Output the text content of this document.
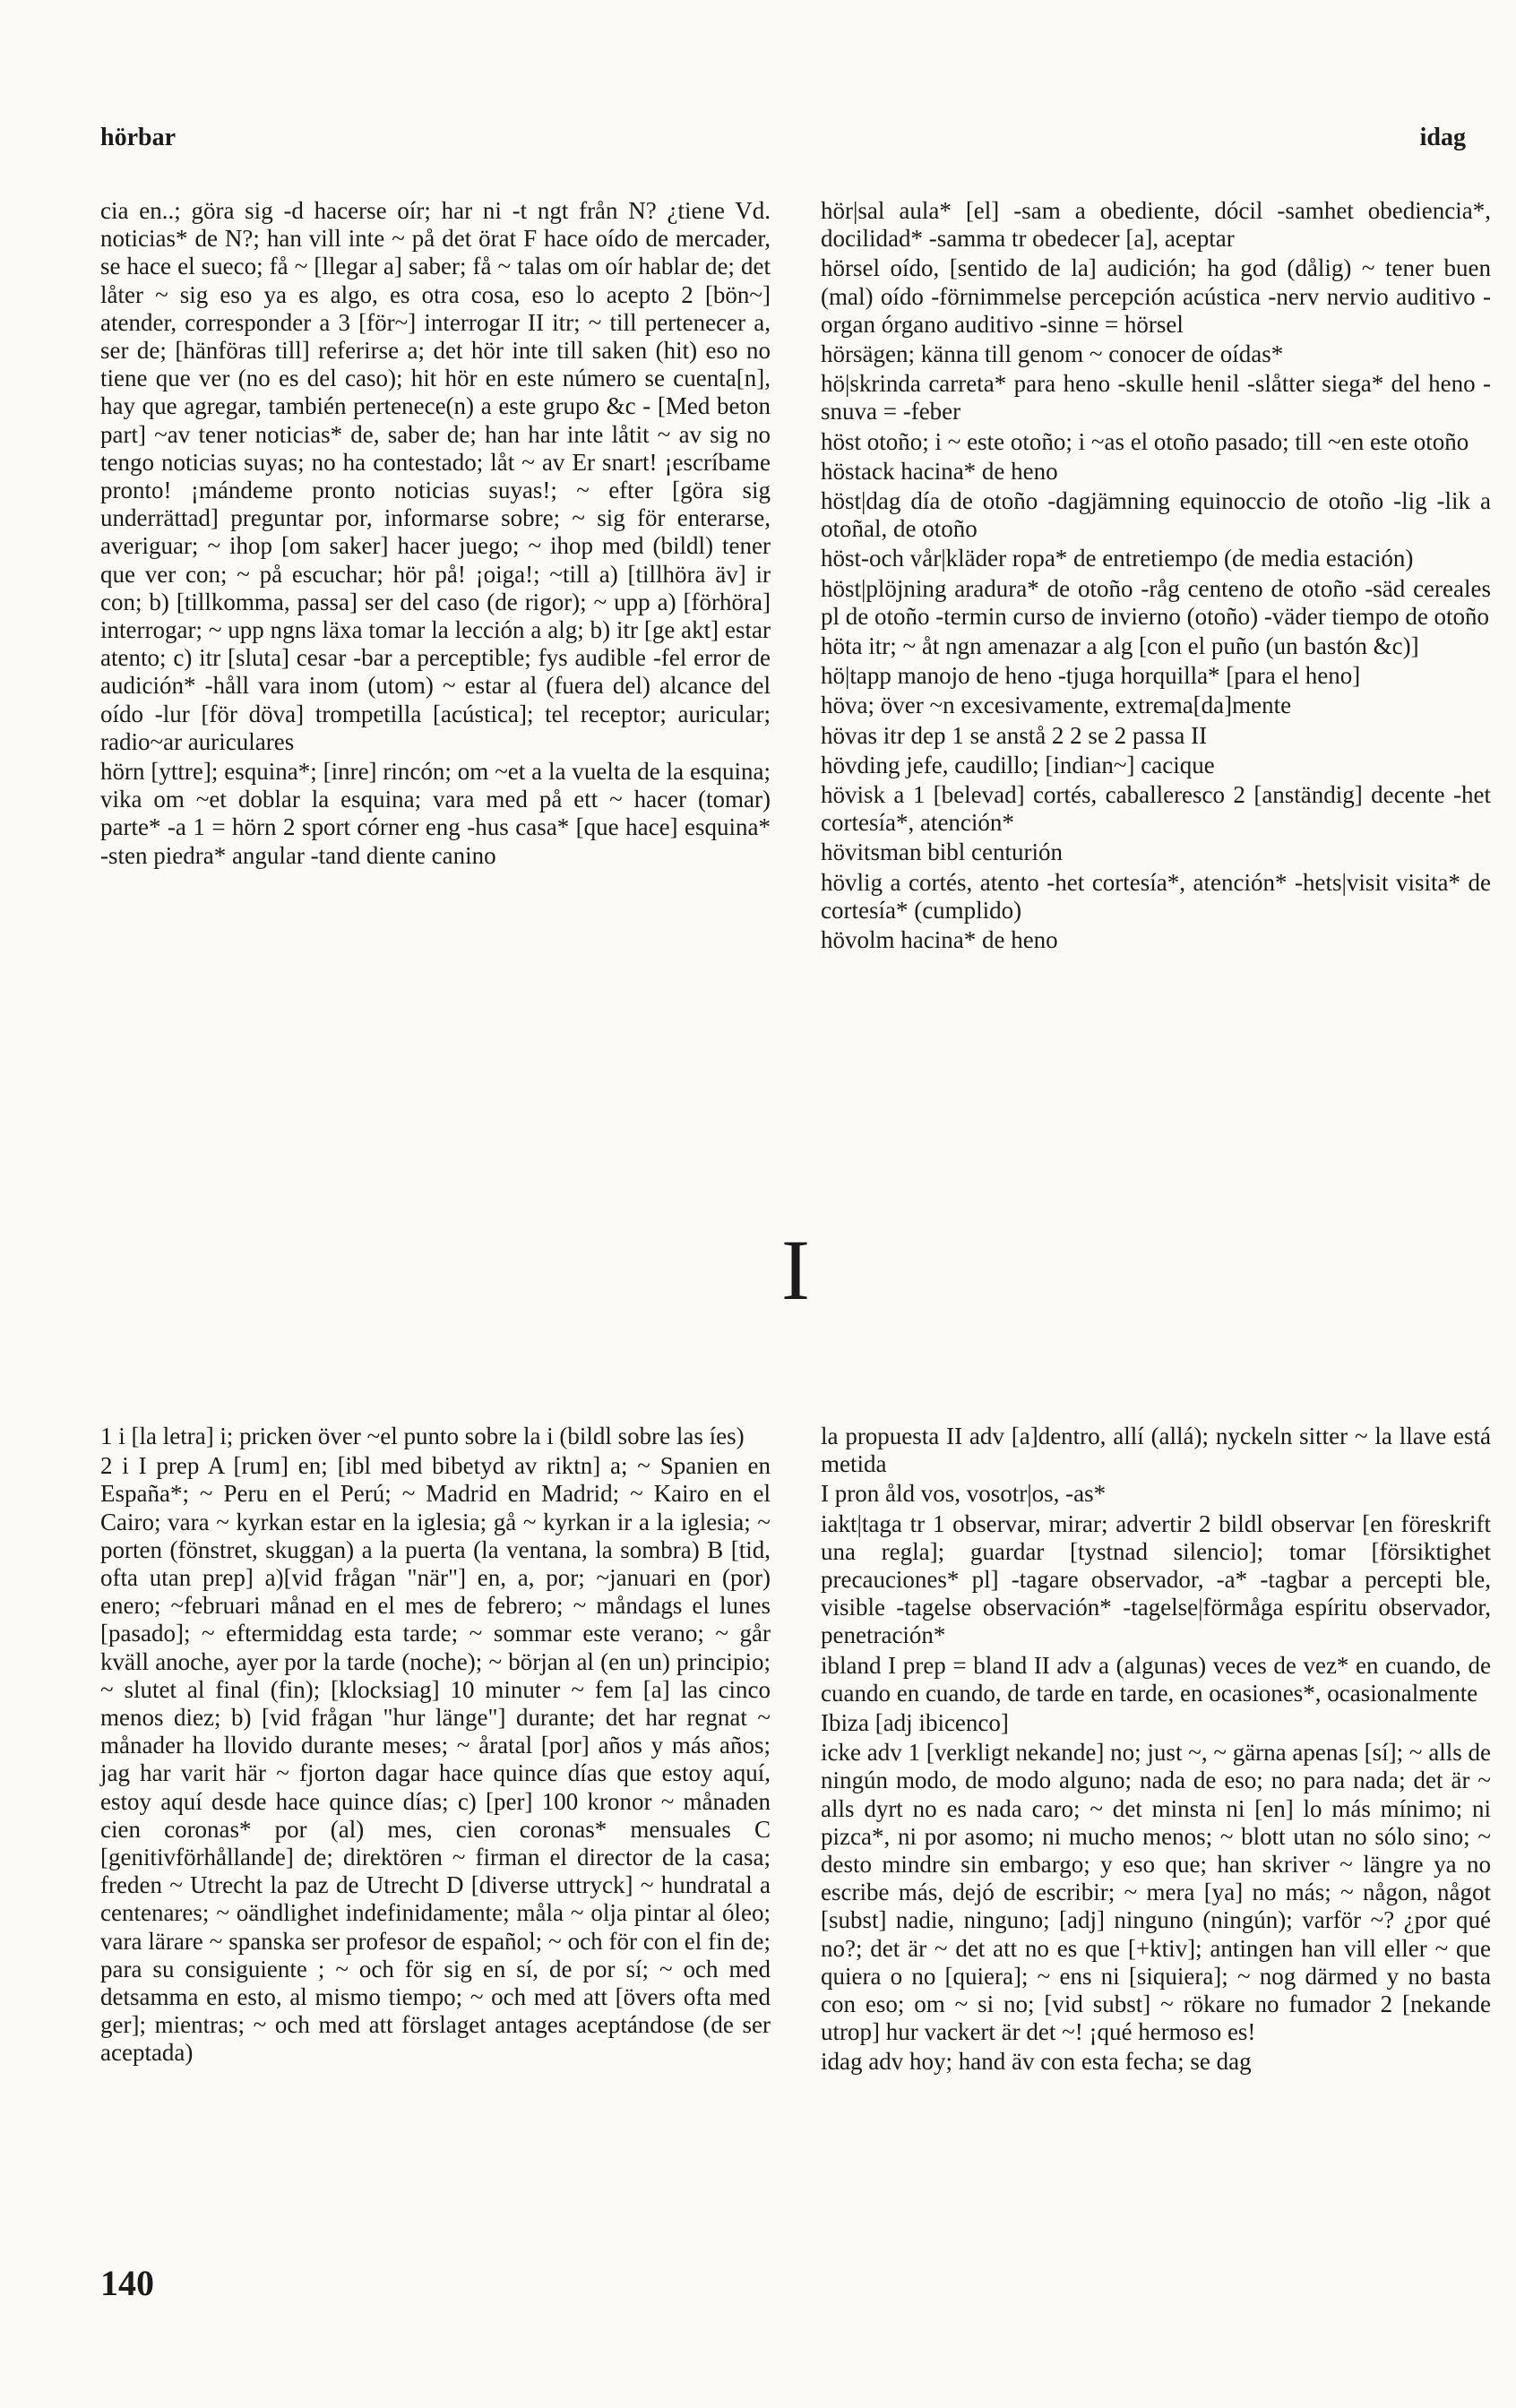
hörbar	idag

cia en..; göra sig -d hacerse oír; har ni -t ngt från N? ¿tiene Vd. noticias* de N?; han vill inte ~ på det örat F hace oído de mercader, se hace el sueco; få ~ [llegar a] saber; få ~ talas om oír hablar de; det låter ~ sig eso ya es algo, es otra cosa, eso lo acepto 2 [bön~] atender, corresponder a 3 [för~] interrogar II itr; ~ till pertenecer a, ser de; [hänföras till] referirse a; det hör inte till saken (hit) eso no tiene que ver (no es del caso); hit hör en este número se cuenta[n], hay que agregar, también pertenece(n) a este grupo &c - [Med beton part] ~av tener noticias* de, saber de; han har inte låtit ~ av sig no tengo noticias suyas; no ha contestado; låt ~ av Er snart! ¡escríbame pronto! ¡mándeme pronto noticias suyas!; ~ efter [göra sig underrättad] preguntar por, informarse sobre; ~ sig för enterarse, averiguar; ~ ihop [om saker] hacer juego; ~ ihop med (bildl) tener que ver con; ~ på escuchar; hör på! ¡oiga!; ~till a) [tillhöra äv] ir con; b) [tillkomma, passa] ser del caso (de rigor); ~ upp a) [förhöra] interrogar; ~ upp ngns läxa tomar la lección a alg; b) itr [ge akt] estar atento; c) itr [sluta] cesar -bar a perceptible; fys audible -fel error de audición* -håll vara inom (utom) ~ estar al (fuera del) alcance del oído -lur [för döva] trompetilla [acústica]; tel receptor; auricular; radio~ar auriculares

hörn [yttre]; esquina*; [inre] rincón; om ~et a la vuelta de la esquina; vika om ~et doblar la esquina; vara med på ett ~ hacer (tomar) parte* -a 1 = hörn 2 sport córner eng -hus casa* [que hace] esquina* -sten piedra* angular -tand diente canino

hör|sal aula* [el] -sam a obediente, dócil -samhet obediencia*, docilidad* -samma tr obedecer [a], aceptar

hörsel oído, [sentido de la] audición; ha god (dålig) ~ tener buen (mal) oído -förnimmelse percepción acústica -nerv nervio auditivo -organ órgano auditivo -sinne = hörsel

hörsägen; känna till genom ~ conocer de oídas*

hö|skrinda carreta* para heno -skulle henil -slåtter siega* del heno -snuva = -feber

höst otoño; i ~ este otoño; i ~as el otoño pasado; till ~en este otoño

höstack hacina* de heno

höst|dag día de otoño -dagjämning equinoccio de otoño -lig -lik a otoñal, de otoño

höst-och vår|kläder ropa* de entretiempo (de media estación)

höst|plöjning aradura* de otoño -råg centeno de otoño -säd cereales pl de otoño -termin curso de invierno (otoño) -väder tiempo de otoño

höta itr; ~ åt ngn amenazar a alg [con el puño (un bastón &c)]

hö|tapp manojo de heno -tjuga horquilla* [para el heno]

höva; över ~n excesivamente, extrema[da]mente

hövas itr dep 1 se anstå 2 2 se 2 passa II

hövding jefe, caudillo; [indian~] cacique

hövisk a 1 [belevad] cortés, caballeresco 2 [anständig] decente -het cortesía*, atención*

hövitsman bibl centurión

hövlig a cortés, atento -het cortesía*, atención* -hets|visit visita* de cortesía* (cumplido)

hövolm hacina* de heno

I

1 i [la letra] i; pricken över ~el punto sobre la i (bildl sobre las íes)

2 i I prep A [rum] en; [ibl med bibetyd av riktn] a; ~ Spanien en España*; ~ Peru en el Perú; ~ Madrid en Madrid; ~ Kairo en el Cairo; vara ~ kyrkan estar en la iglesia; gå ~ kyrkan ir a la iglesia; ~ porten (fönstret, skuggan) a la puerta (la ventana, la sombra) B [tid, ofta utan prep] a)[vid frågan "när"] en, a, por; ~januari en (por) enero; ~februari månad en el mes de febrero; ~ måndags el lunes [pasado]; ~ eftermiddag esta tarde; ~ sommar este verano; ~ går kväll anoche, ayer por la tarde (noche); ~ början al (en un) principio; ~ slutet al final (fin); [klocksiag] 10 minuter ~ fem [a] las cinco menos diez; b) [vid frågan "hur länge"] durante; det har regnat ~ månader ha llovido durante meses; ~ åratal [por] años y más años; jag har varit här ~ fjorton dagar hace quince días que estoy aquí, estoy aquí desde hace quince días; c) [per] 100 kronor ~ månaden cien coronas* por (al) mes, cien coronas* mensuales C [genitivförhållande] de; direktören ~ firman el director de la casa; freden ~ Utrecht la paz de Utrecht D [diverse uttryck] ~ hundratal a centenares; ~ oändlighet indefinidamente; måla ~ olja pintar al óleo; vara lärare ~ spanska ser profesor de español; ~ och för con el fin de; para su consiguiente ; ~ och för sig en sí, de por sí; ~ och med detsamma en esto, al mismo tiempo; ~ och med att [övers ofta med ger]; mientras; ~ och med att förslaget antages aceptándose (de ser aceptada)

la propuesta II adv [a]dentro, allí (allá); nyckeln sitter ~ la llave está metida

I pron åld vos, vosotr|os, -as*

iakt|taga tr 1 observar, mirar; advertir 2 bildl observar [en föreskrift una regla]; guardar [tystnad silencio]; tomar [försiktighet precauciones* pl] -tagare observador, -a* -tagbar a percepti ble, visible -tagelse observación* -tagelse|förmåga espíritu observador, penetración*

ibland I prep = bland II adv a (algunas) veces de vez* en cuando, de cuando en cuando, de tarde en tarde, en ocasiones*, ocasionalmente

Ibiza [adj ibicenco]

icke adv 1 [verkligt nekande] no; just ~, ~ gärna apenas [sí]; ~ alls de ningún modo, de modo alguno; nada de eso; no para nada; det är ~ alls dyrt no es nada caro; ~ det minsta ni [en] lo más mínimo; ni pizca*, ni por asomo; ni mucho menos; ~ blott utan no sólo sino; ~ desto mindre sin embargo; y eso que; han skriver ~ längre ya no escribe más, dejó de escribir; ~ mera [ya] no más; ~ någon, något [subst] nadie, ninguno; [adj] ninguno (ningún); varför ~? ¿por qué no?; det är ~ det att no es que [+ktiv]; antingen han vill eller ~ que quiera o no [quiera]; ~ ens ni [siquiera]; ~ nog därmed y no basta con eso; om ~ si no; [vid subst] ~ rökare no fumador 2 [nekande utrop] hur vackert är det ~! ¡qué hermoso es!

idag adv hoy; hand äv con esta fecha; se dag

140
